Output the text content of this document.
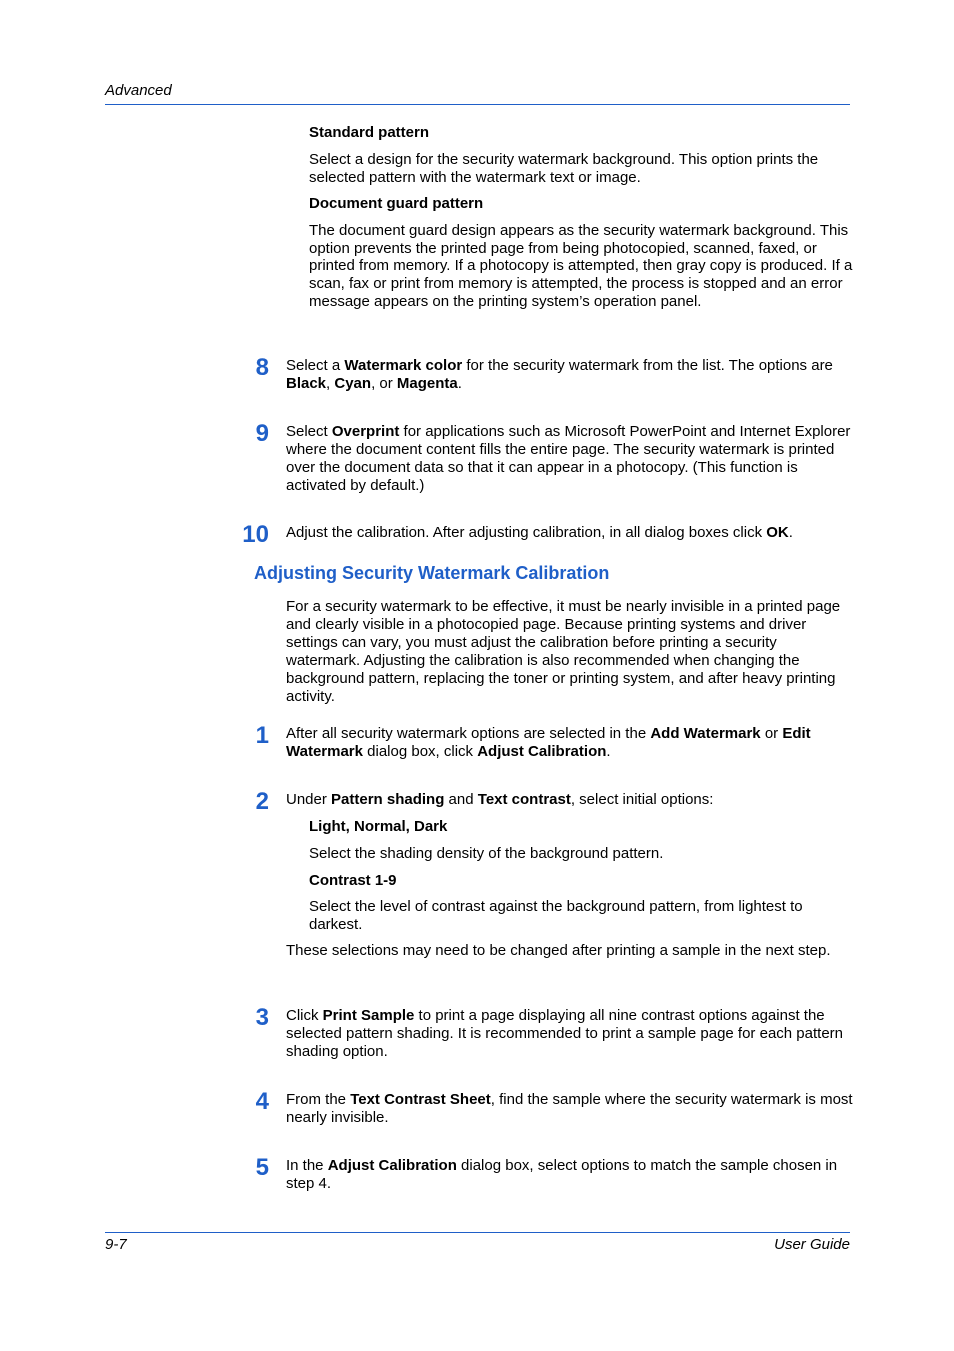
Advanced
Standard pattern
Select a design for the security watermark background. This option prints the selected pattern with the watermark text or image.
Document guard pattern
The document guard design appears as the security watermark background. This option prevents the printed page from being photocopied, scanned, faxed, or printed from memory. If a photocopy is attempted, then gray copy is produced. If a scan, fax or print from memory is attempted, the process is stopped and an error message appears on the printing system’s operation panel.
8 Select a Watermark color for the security watermark from the list. The options are Black, Cyan, or Magenta.
9 Select Overprint for applications such as Microsoft PowerPoint and Internet Explorer where the document content fills the entire page. The security watermark is printed over the document data so that it can appear in a photocopy. (This function is activated by default.)
10 Adjust the calibration. After adjusting calibration, in all dialog boxes click OK.
Adjusting Security Watermark Calibration
For a security watermark to be effective, it must be nearly invisible in a printed page and clearly visible in a photocopied page. Because printing systems and driver settings can vary, you must adjust the calibration before printing a security watermark. Adjusting the calibration is also recommended when changing the background pattern, replacing the toner or printing system, and after heavy printing activity.
1 After all security watermark options are selected in the Add Watermark or Edit Watermark dialog box, click Adjust Calibration.
2 Under Pattern shading and Text contrast, select initial options:
Light, Normal, Dark
Select the shading density of the background pattern.
Contrast 1-9
Select the level of contrast against the background pattern, from lightest to darkest.
These selections may need to be changed after printing a sample in the next step.
3 Click Print Sample to print a page displaying all nine contrast options against the selected pattern shading. It is recommended to print a sample page for each pattern shading option.
4 From the Text Contrast Sheet, find the sample where the security watermark is most nearly invisible.
5 In the Adjust Calibration dialog box, select options to match the sample chosen in step 4.
9-7	User Guide
